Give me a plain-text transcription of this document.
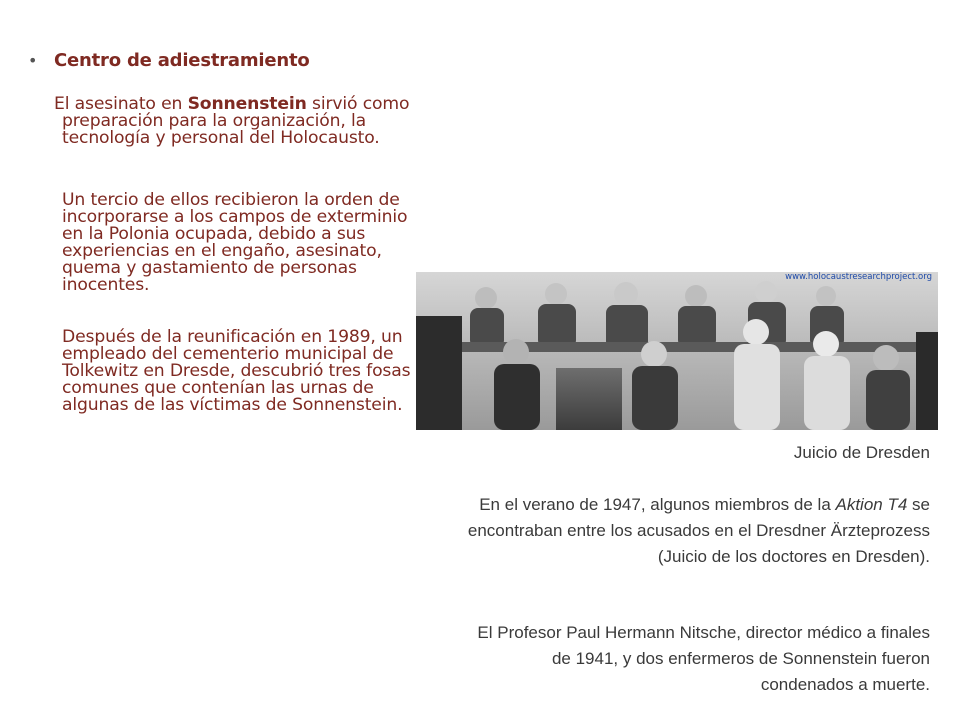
• Centro de adiestramiento
El asesinato en Sonnenstein sirvió como preparación para la organización, la tecnología y personal del Holocausto.
Un tercio de ellos recibieron la orden de incorporarse a los campos de exterminio en la Polonia ocupada, debido a sus experiencias en el engaño, asesinato, quema y gastamiento de personas inocentes.
Después de la reunificación en 1989, un empleado del cementerio municipal de Tolkewitz en Dresde, descubrió tres fosas comunes que contenían las urnas de algunas de las víctimas de Sonnenstein.
www.holocaustresearchproject.org
Juicio de Dresden
En el verano de 1947, algunos miembros de la Aktion T4 se encontraban entre los acusados en el Dresdner Ärzteprozess (Juicio de los doctores en Dresden).
El Profesor Paul Hermann Nitsche, director médico a finales de 1941, y dos enfermeros de Sonnenstein fueron condenados a muerte.
